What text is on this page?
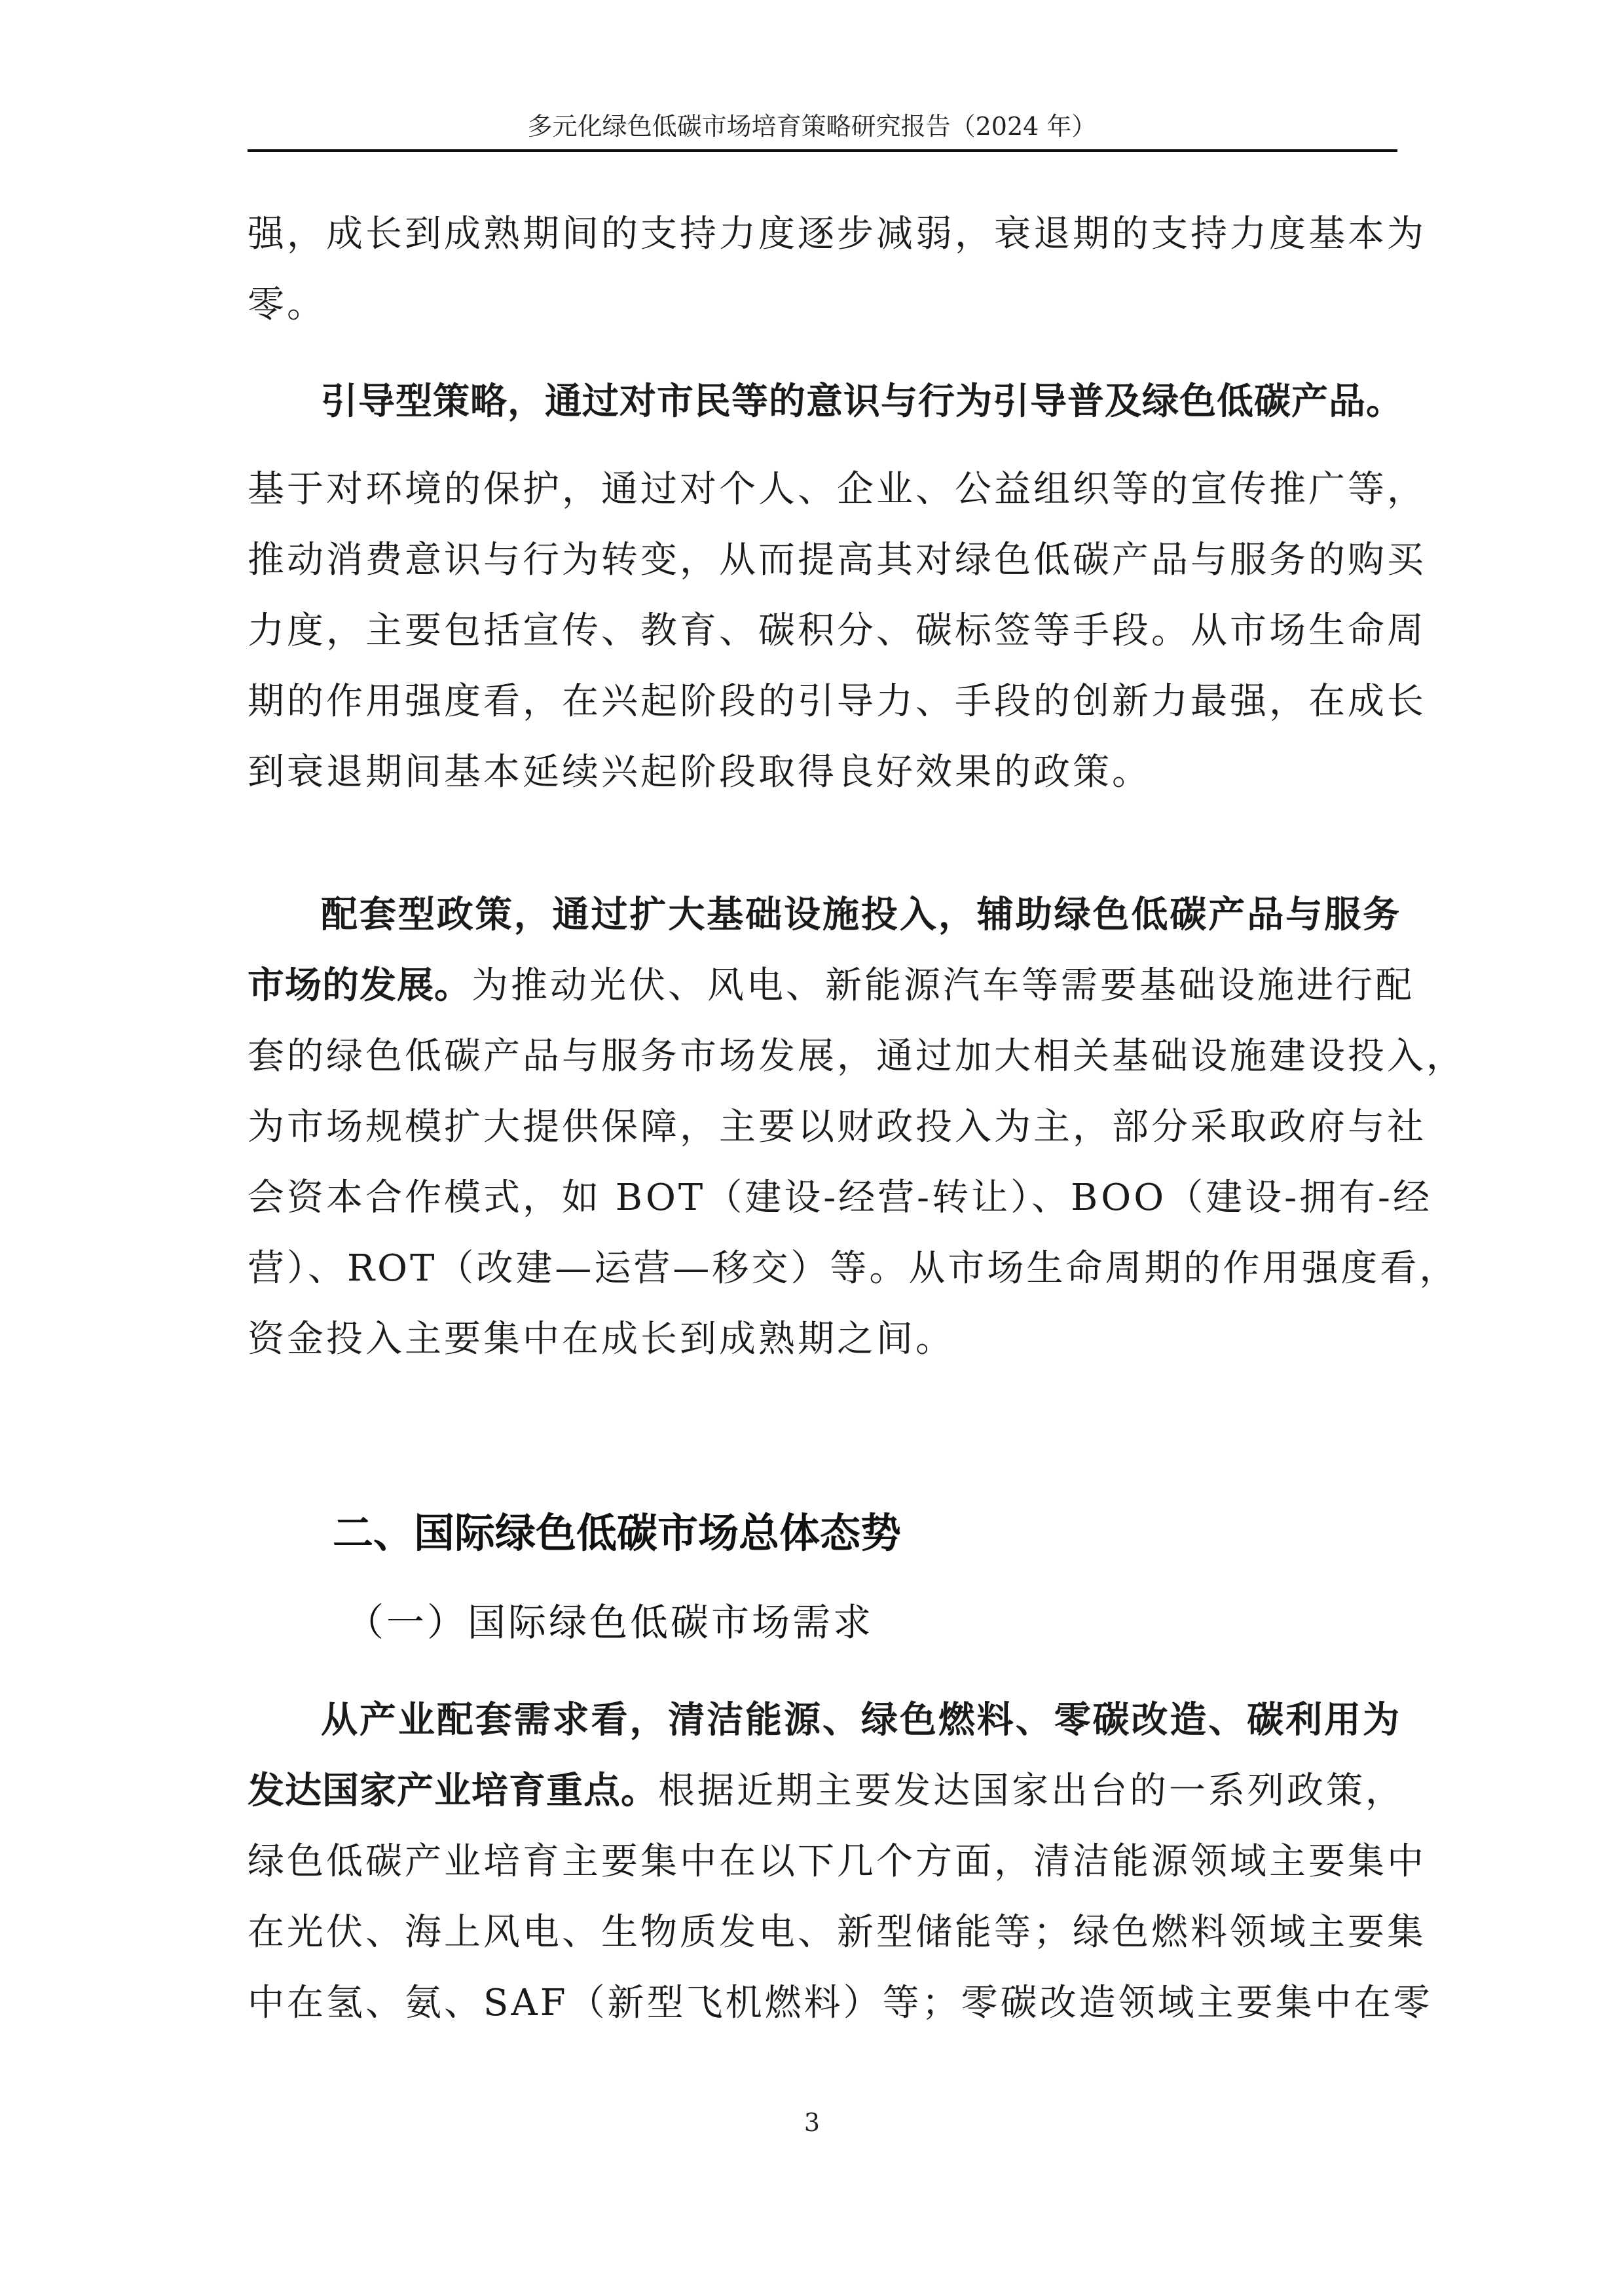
多元化绿色低碳市场培育策略研究报告（2024 年）
强，成长到成熟期间的支持力度逐步减弱，衰退期的支持力度基本为
零。
引导型策略，通过对市民等的意识与行为引导普及绿色低碳产品。
基于对环境的保护，通过对个人、企业、公益组织等的宣传推广等，
推动消费意识与行为转变，从而提高其对绿色低碳产品与服务的购买
力度，主要包括宣传、教育、碳积分、碳标签等手段。从市场生命周
期的作用强度看，在兴起阶段的引导力、手段的创新力最强，在成长
到衰退期间基本延续兴起阶段取得良好效果的政策。
配套型政策，通过扩大基础设施投入，辅助绿色低碳产品与服务
市场的发展。为推动光伏、风电、新能源汽车等需要基础设施进行配
套的绿色低碳产品与服务市场发展，通过加大相关基础设施建设投入，
为市场规模扩大提供保障，主要以财政投入为主，部分采取政府与社
会资本合作模式，如 BOT（建设-经营-转让）、BOO（建设-拥有-经
营）、ROT（改建—运营—移交）等。从市场生命周期的作用强度看，
资金投入主要集中在成长到成熟期之间。
二、国际绿色低碳市场总体态势
（一）国际绿色低碳市场需求
从产业配套需求看，清洁能源、绿色燃料、零碳改造、碳利用为
发达国家产业培育重点。根据近期主要发达国家出台的一系列政策，
绿色低碳产业培育主要集中在以下几个方面，清洁能源领域主要集中
在光伏、海上风电、生物质发电、新型储能等；绿色燃料领域主要集
中在氢、氨、SAF（新型飞机燃料）等；零碳改造领域主要集中在零
3
